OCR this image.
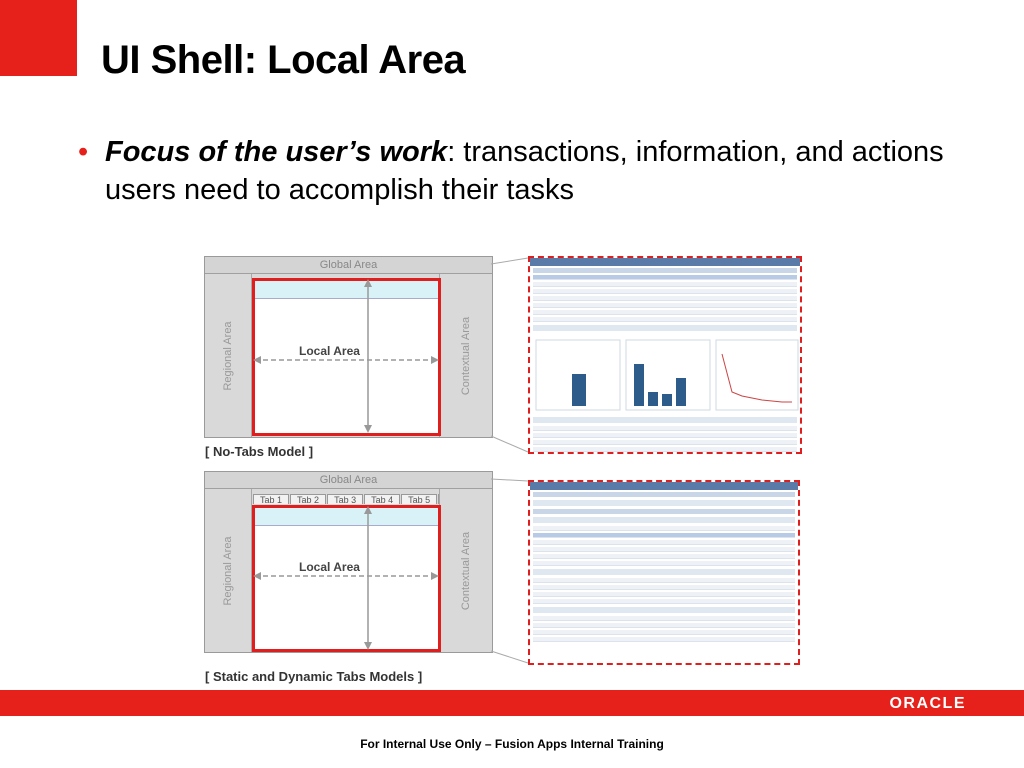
UI Shell: Local Area
• Focus of the user’s work: transactions, information, and actions users need to accomplish their tasks
Global Area
Regional Area	Contextual Area
Local Area
[ No-Tabs Model ]
Global Area
Tab 1	Tab 2	Tab 3	Tab 4	Tab 5
Regional Area	Contextual Area
Local Area
[ Static and Dynamic Tabs Models ]
ORACLE
For Internal Use Only – Fusion Apps Internal Training
